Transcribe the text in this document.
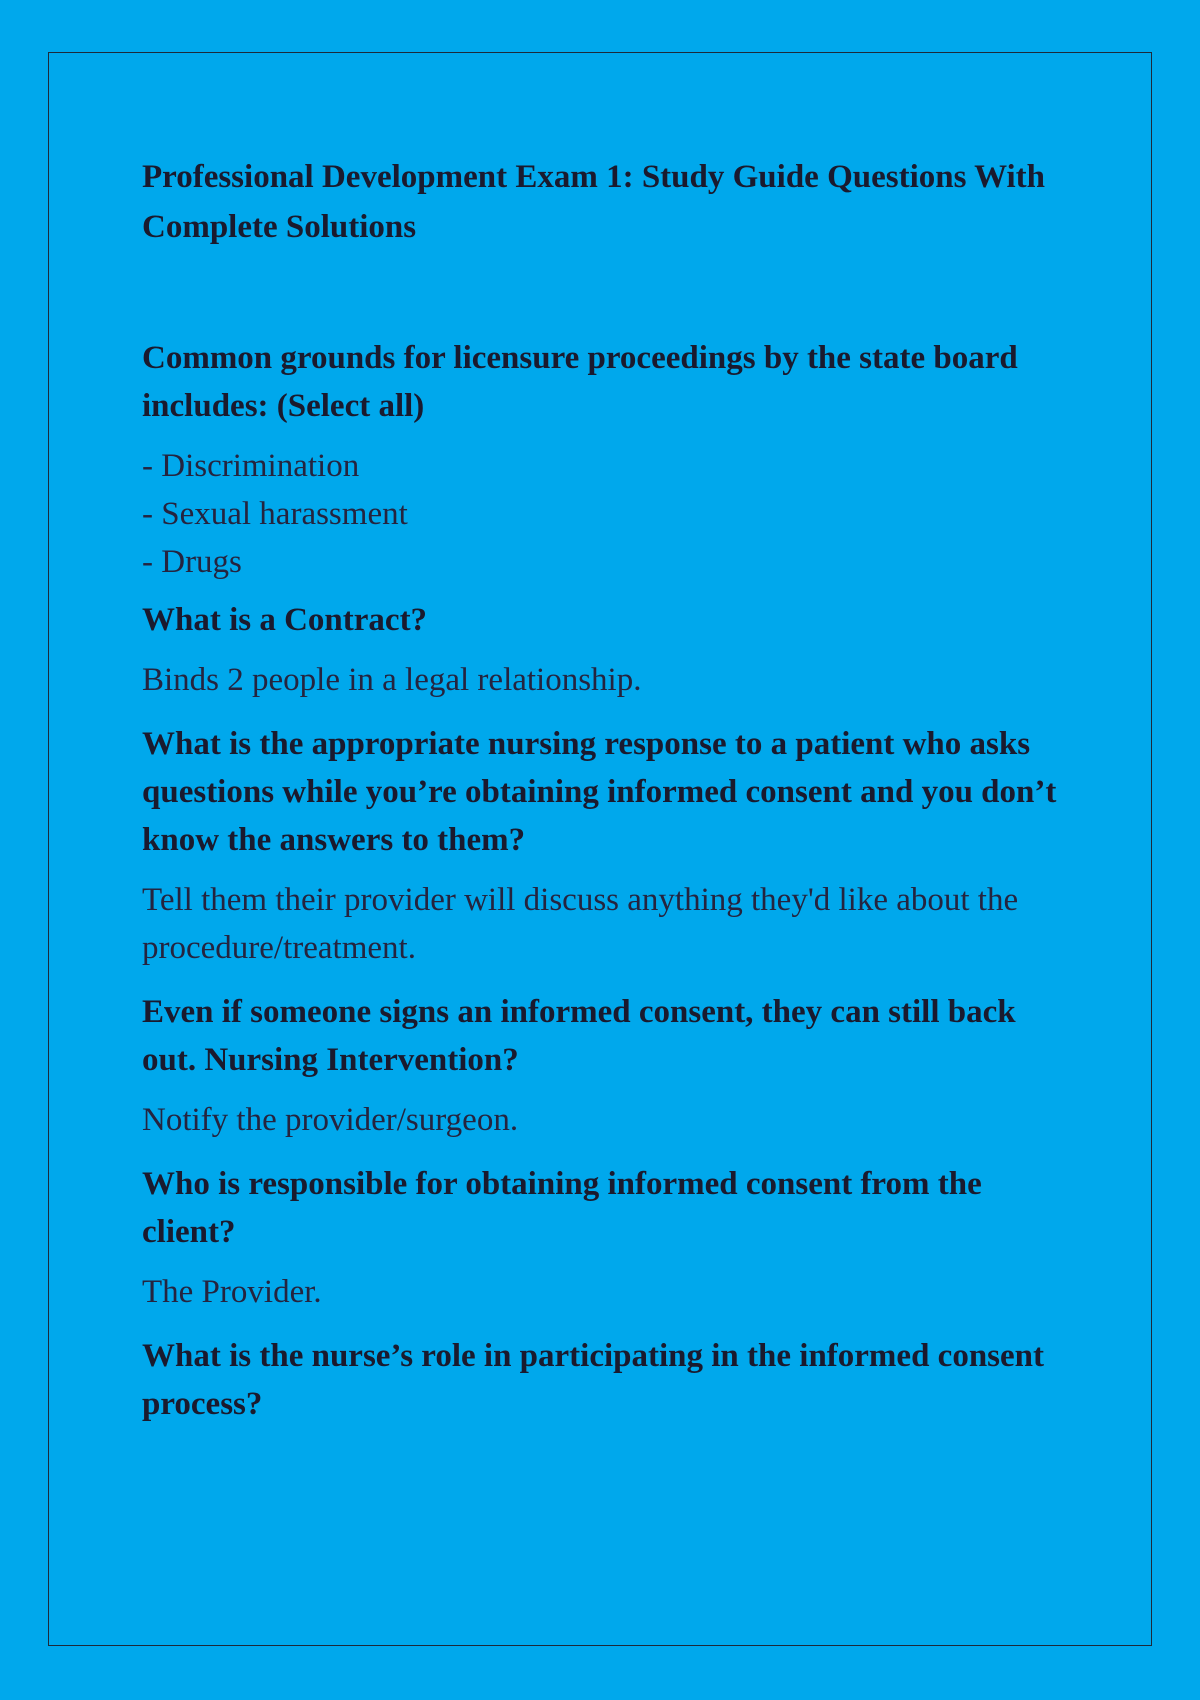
Professional Development Exam 1: Study Guide Questions With Complete Solutions

Common grounds for licensure proceedings by the state board includes: (Select all)

- Discrimination
- Sexual harassment
- Drugs

What is a Contract?

Binds 2 people in a legal relationship.

What is the appropriate nursing response to a patient who asks questions while you’re obtaining informed consent and you don’t know the answers to them?

Tell them their provider will discuss anything they'd like about the procedure/treatment.

Even if someone signs an informed consent, they can still back out. Nursing Intervention?

Notify the provider/surgeon.

Who is responsible for obtaining informed consent from the client?

The Provider.

What is the nurse’s role in participating in the informed consent process?
